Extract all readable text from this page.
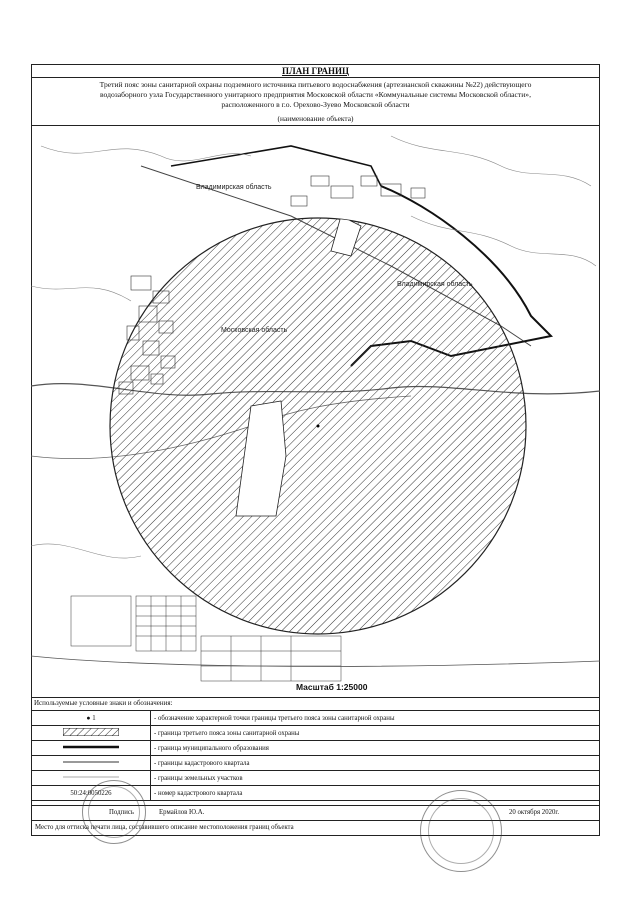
ПЛАН ГРАНИЦ
Третий пояс зоны санитарной охраны подземного источника питьевого водоснабжения (артезианской скважины №22) действующего
водозаборного узла Государственного унитарного предприятия Московской области «Коммунальные системы Московской области»,
расположенного в г.о. Орехово-Зуево Московской области
(наименование объекта)
Владимирская область
Владимирская область
Московская область
Масштаб 1:25000
Используемые условные знаки и обозначения:
● 1	- обозначение характерной точки границы третьего пояса зоны санитарной охраны
	- граница третьего пояса зоны санитарной охраны
	- граница муниципального образования
	- границы кадастрового квартала
	- границы земельных участков
50:24:0050226	- номер кадастрового квартала
Подпись	Ермайлов Ю.А.	20 октября 2020г.
Место для оттиска печати лица, составившего описание местоположения границ объекта
